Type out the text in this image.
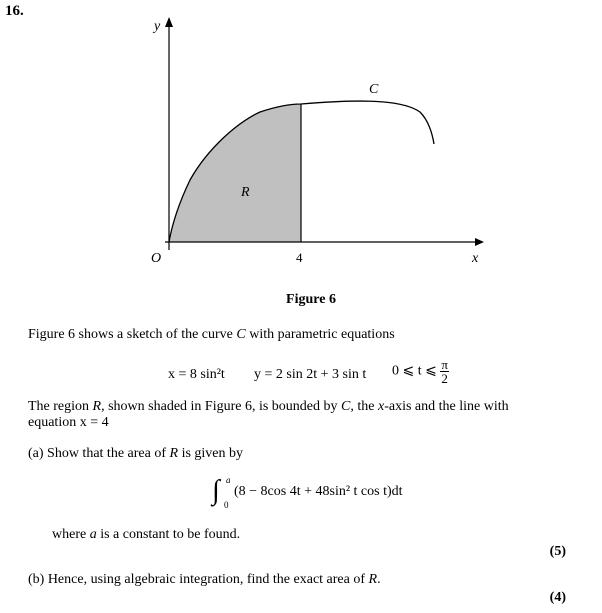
16.
y
x
O
C
R
4
Figure 6
Figure 6 shows a sketch of the curve C with parametric equations
x = 8 sin²t y = 2 sin 2t + 3 sin t 0 ⩽ t ⩽ $\frac{\pi}{2}$
The region R, shown shaded in Figure 6, is bounded by C, the x-axis and the line with
equation x = 4
(a) Show that the area of R is given by
∫ a
0
(8 − 8cos 4t + 48sin² t cos t)dt
where a is a constant to be found.
(5)
(b) Hence, using algebraic integration, find the exact area of R.
(4)
